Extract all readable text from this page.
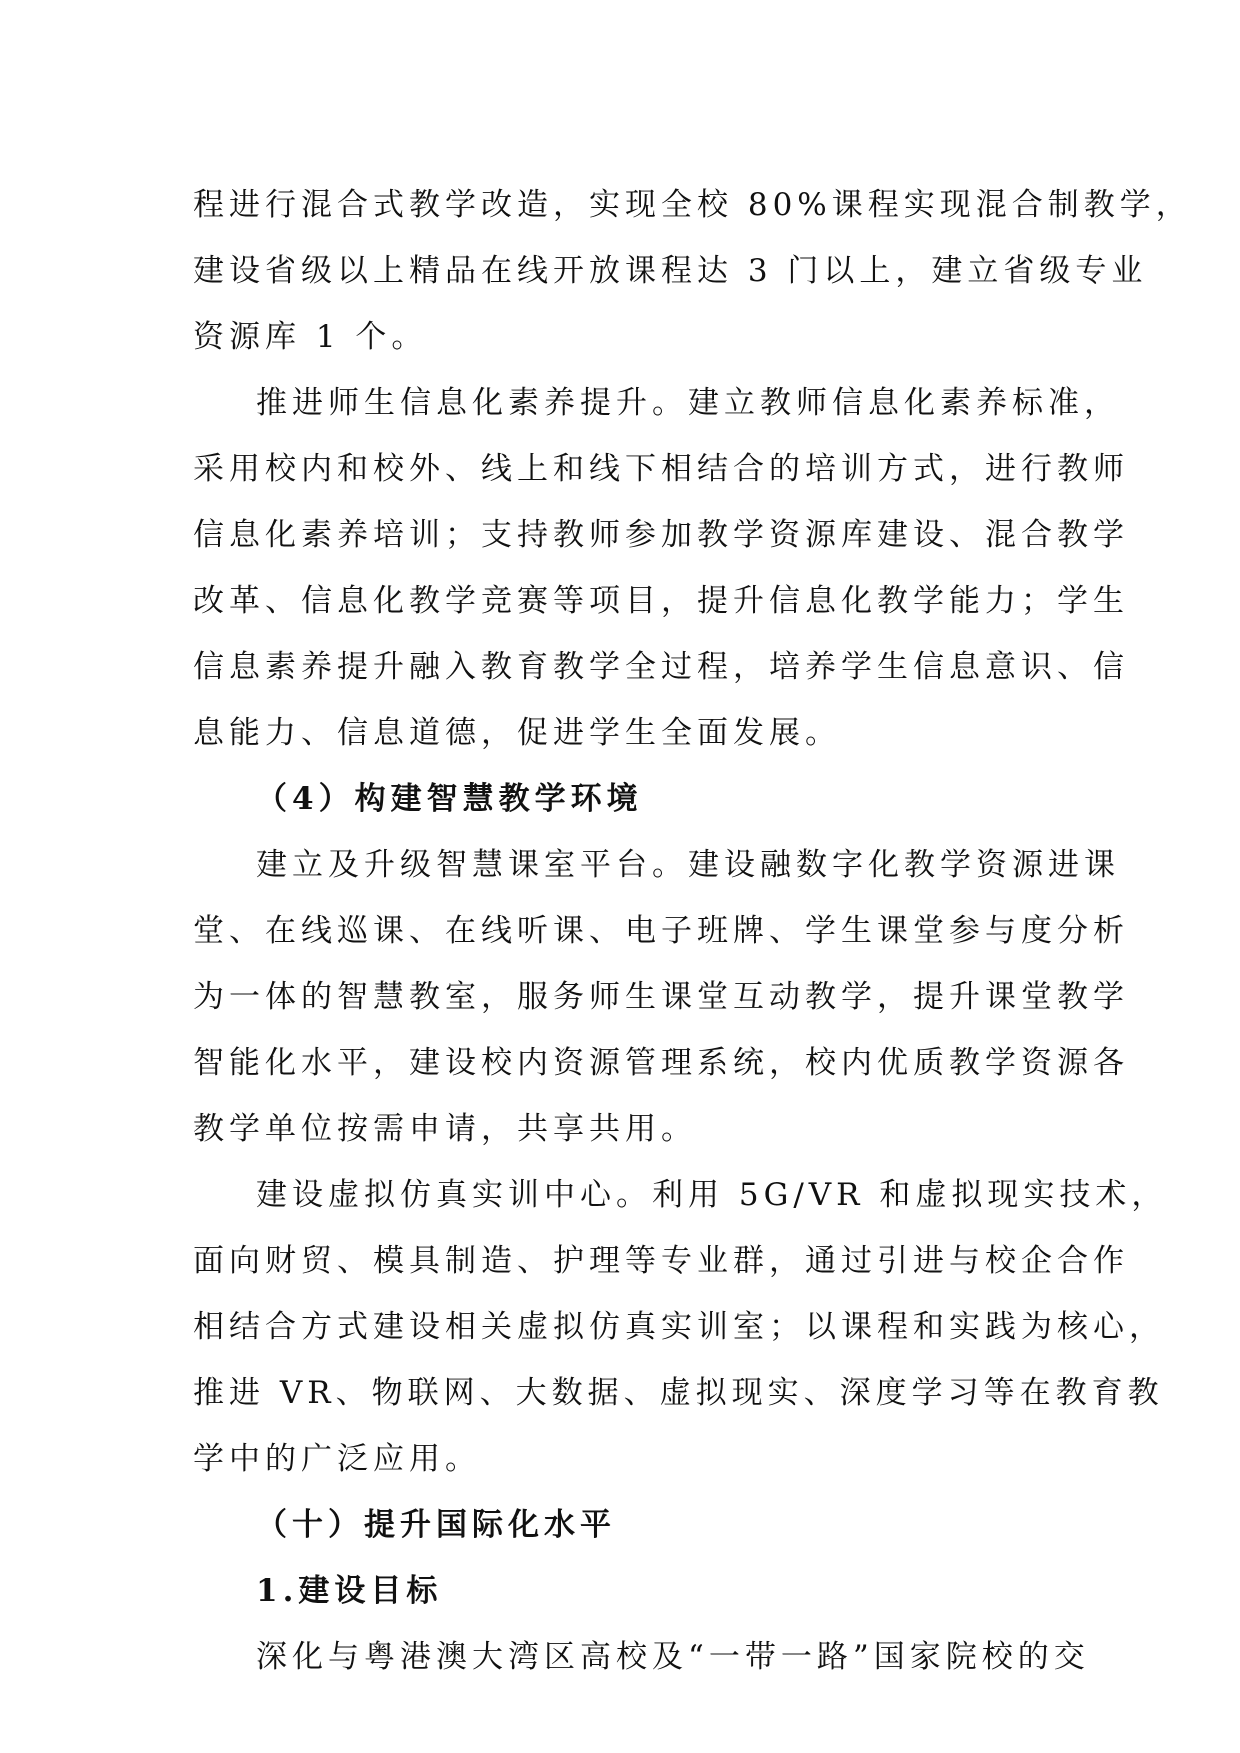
程进行混合式教学改造，实现全校 80%课程实现混合制教学，
建设省级以上精品在线开放课程达 3 门以上，建立省级专业
资源库 1 个。
推进师生信息化素养提升。建立教师信息化素养标准，
采用校内和校外、线上和线下相结合的培训方式，进行教师
信息化素养培训；支持教师参加教学资源库建设、混合教学
改革、信息化教学竞赛等项目，提升信息化教学能力；学生
信息素养提升融入教育教学全过程，培养学生信息意识、信
息能力、信息道德，促进学生全面发展。
（4）构建智慧教学环境
建立及升级智慧课室平台。建设融数字化教学资源进课
堂、在线巡课、在线听课、电子班牌、学生课堂参与度分析
为一体的智慧教室，服务师生课堂互动教学，提升课堂教学
智能化水平，建设校内资源管理系统，校内优质教学资源各
教学单位按需申请，共享共用。
建设虚拟仿真实训中心。利用 5G/VR 和虚拟现实技术，
面向财贸、模具制造、护理等专业群，通过引进与校企合作
相结合方式建设相关虚拟仿真实训室；以课程和实践为核心，
推进 VR、物联网、大数据、虚拟现实、深度学习等在教育教
学中的广泛应用。
（十）提升国际化水平
1.建设目标
深化与粤港澳大湾区高校及“一带一路”国家院校的交
